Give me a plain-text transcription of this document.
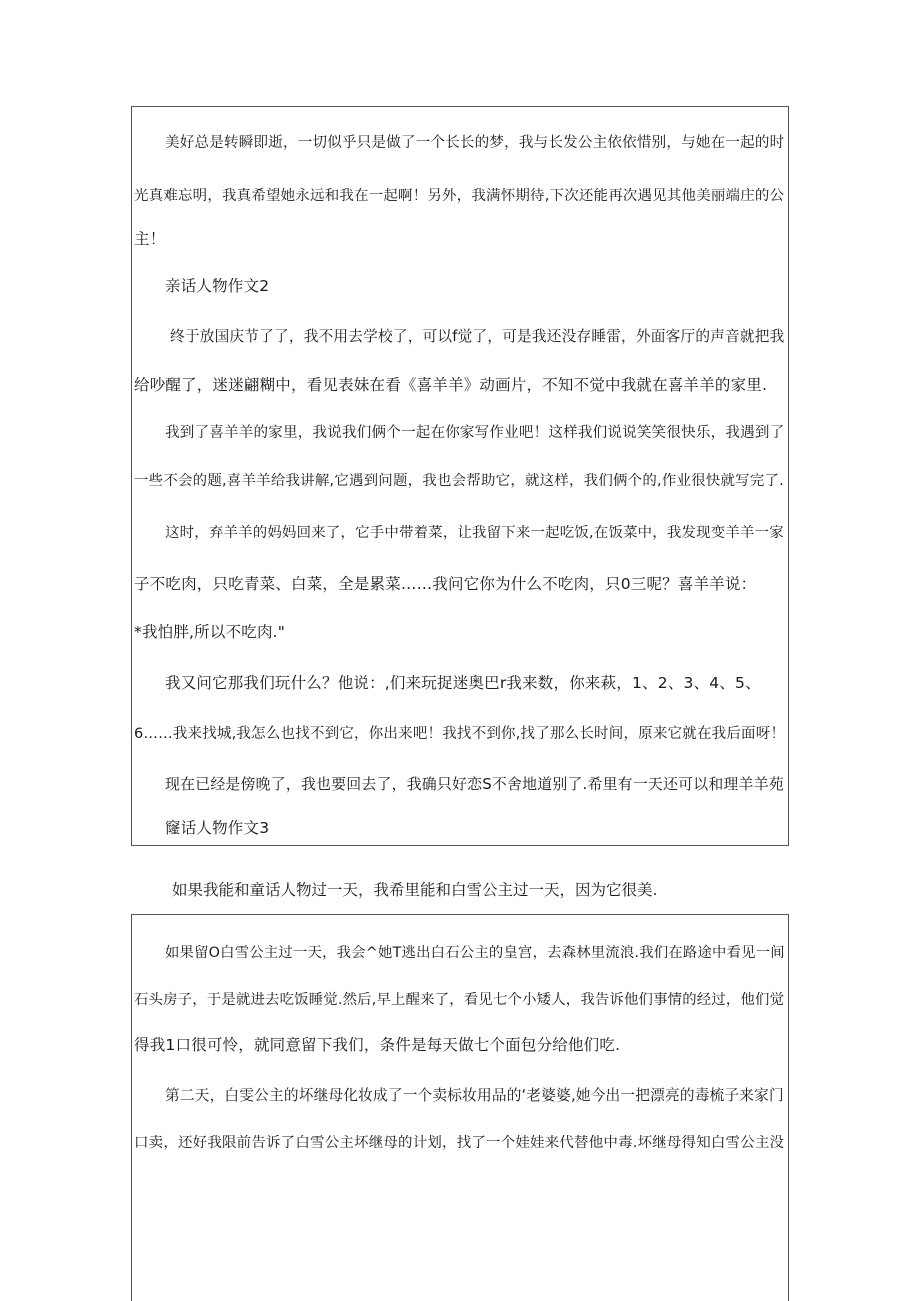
美好总是转瞬即逝，一切似乎只是做了一个长长的梦，我与长发公主依依惜别，与她在一起的时
光真难忘明，我真希望她永远和我在一起啊！另外，我满怀期待,下次还能再次遇见其他美丽端庄的公
主！
亲话人物作文2
终于放国庆节了了，我不用去学校了，可以f觉了，可是我还没存睡雷，外面客厅的声音就把我
给吵醒了，迷迷翩糊中，看见表妹在看《喜羊羊》动画片，不知不觉中我就在喜羊羊的家里.
我到了喜羊羊的家里，我说我们俩个一起在你家写作业吧！这样我们说说笑笑很快乐，我遇到了
一些不会的题,喜羊羊给我讲解,它遇到问题，我也会帮助它，就这样，我们俩个的,作业很快就写完了.
这时，弃羊羊的妈妈回来了，它手中带着菜，让我留下来一起吃饭,在饭菜中，我发现变羊羊一家
子不吃肉，只吃青菜、白菜，全是累菜……我问它你为什么不吃肉，只0三呢？喜羊羊说：
*我怕胖,所以不吃肉."
我又问它那我们玩什么？他说：,们来玩捉迷奥巴r我来数，你来萩，1、2、3、4、5、
6……我来找城,我怎么也找不到它，你出来吧！我找不到你,找了那么长时间，原来它就在我后面呀！
现在已经是傍晚了，我也要回去了，我确只好恋S不舍地道别了.希里有一天还可以和理羊羊苑
窿话人物作文3
如果我能和童话人物过一天，我希里能和白雪公主过一天，因为它很美.
如果留O白雪公主过一天，我会^她T逃出白石公主的皇宫，去森林里流浪.我们在路途中看见一间
石头房子，于是就进去吃饭睡觉.然后,早上醒来了，看见七个小矮人，我告诉他们事情的经过，他们觉
得我1口很可怜，就同意留下我们，条件是每天做七个面包分给他们吃.
第二天，白雯公主的坏继母化妆成了一个卖标妆用品的‘老婆婆,她今出一把漂亮的毒梳子来家门
口卖，还好我限前告诉了白雪公主坏继母的计划，找了一个娃娃来代替他中毒.坏继母得知白雪公主没
